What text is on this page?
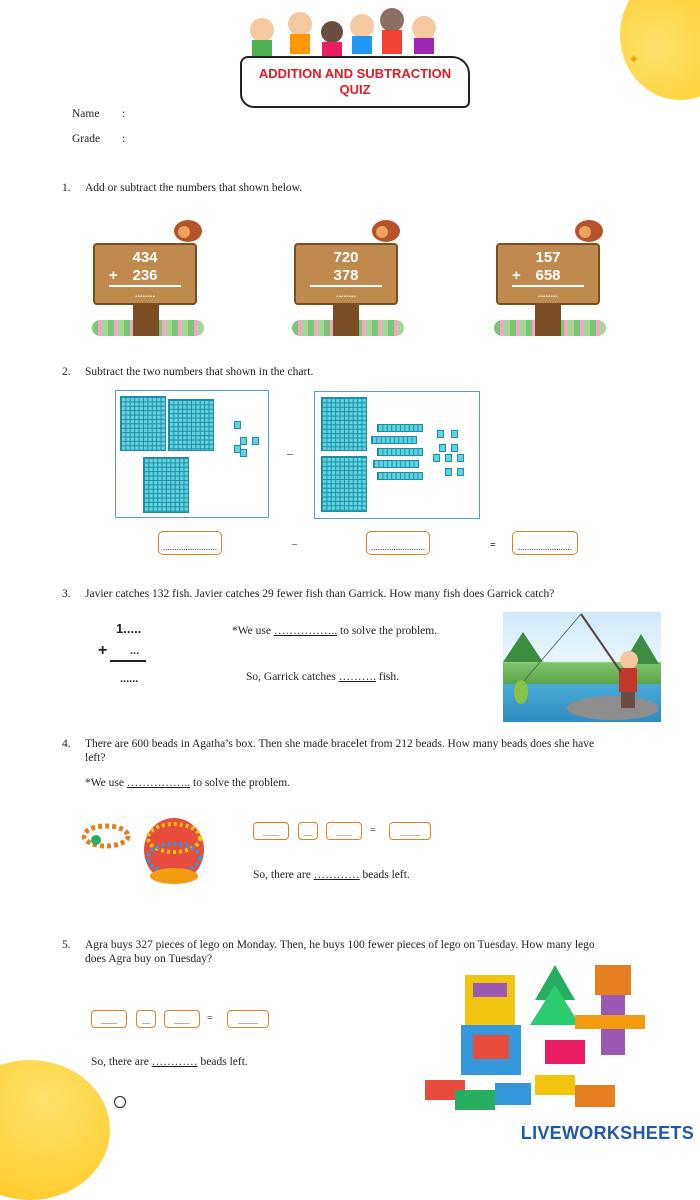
ADDITION AND SUBTRACTION
QUIZ
✦
Name :
Grade :
1. Add or subtract the numbers that shown below.
434
+ 236
........
720
378
........
157
+ 658
........
2. Subtract the two numbers that shown in the chart.
–
........................	–	........................	=	........................
3. Javier catches 132 fish. Javier catches 29 fewer fish than Garrick. How many fish does Garrick catch?
1.....
+ ...
......
*We use …………….. to solve the problem.
So, Garrick catches ………. fish.
4. There are 600 beads in Agatha’s box. Then she made bracelet from 212 beads. How many beads does she have
left?
*We use …………….. to solve the problem.
........	....	........	=	..........
So, there are ………… beads left.
5. Agra buys 327 pieces of lego on Monday. Then, he buys 100 fewer pieces of lego on Tuesday. How many lego
does Agra buy on Tuesday?
........	....	........	=	..........
So, there are ………… beads left.
LIVEWORKSHEETS
